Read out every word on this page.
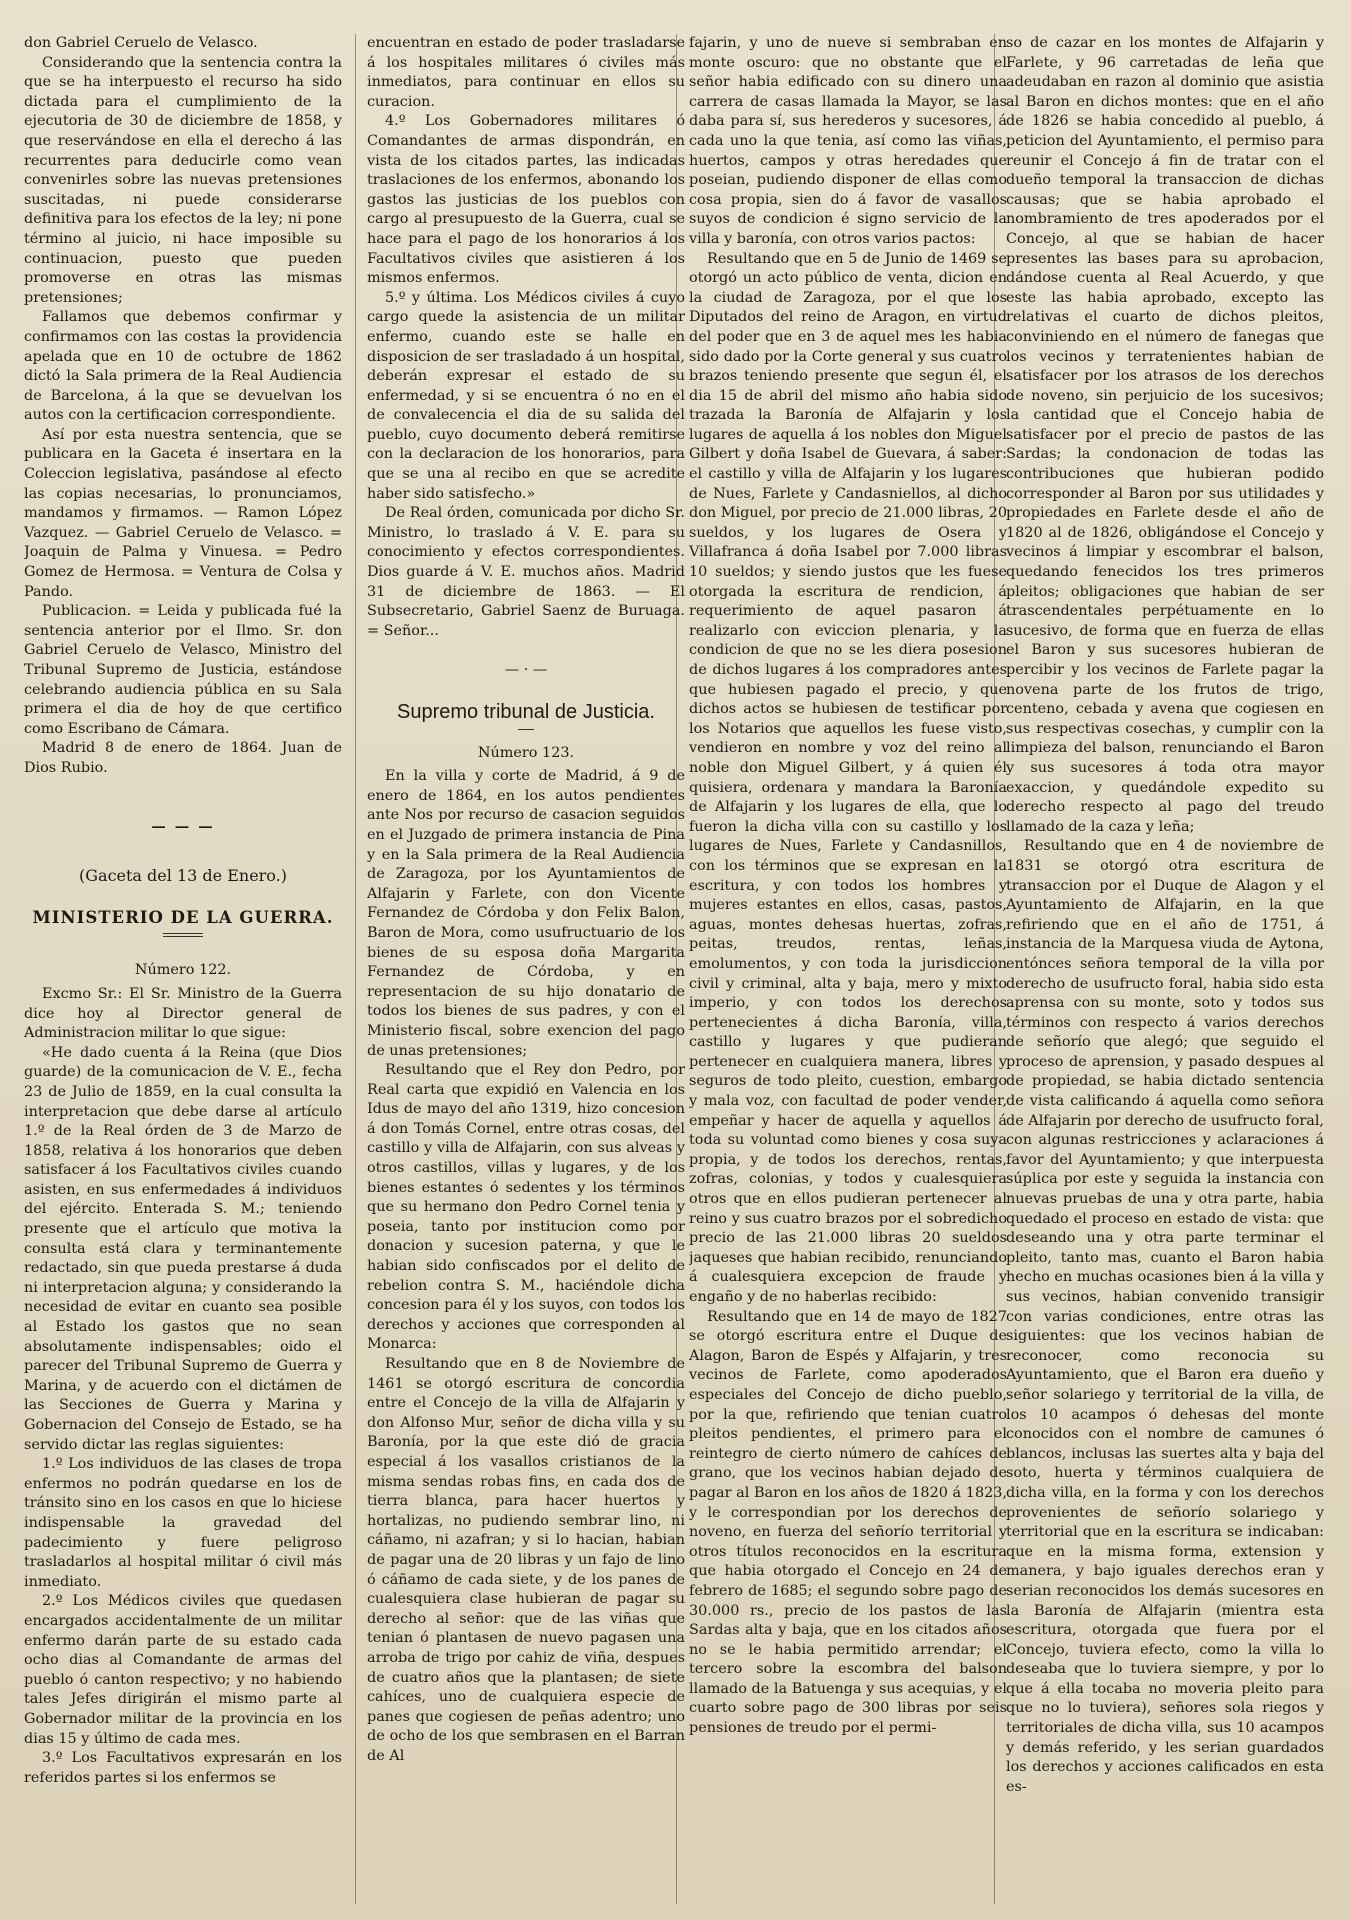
don Gabriel Ceruelo de Velasco.

Considerando que la sentencia contra la que se ha interpuesto el recurso ha sido dictada para el cumplimiento de la ejecutoria de 30 de diciembre de 1858, y que reservándose en ella el derecho á las recurrentes para deducirle como vean convenirles sobre las nuevas pretensiones suscitadas, ni puede considerarse definitiva para los efectos de la ley; ni pone término al juicio, ni hace imposible su continuacion, puesto que pueden promoverse en otras las mismas pretensiones;

Fallamos que debemos confirmar y confirmamos con las costas la providencia apelada que en 10 de octubre de 1862 dictó la Sala primera de la Real Audiencia de Barcelona, á la que se devuelvan los autos con la certificacion correspondiente.

Así por esta nuestra sentencia, que se publicara en la Gaceta é insertara en la Coleccion legislativa, pasándose al efecto las copias necesarias, lo pronunciamos, mandamos y firmamos. — Ramon López Vazquez. — Gabriel Ceruelo de Velasco. = Joaquin de Palma y Vinuesa. = Pedro Gomez de Hermosa. = Ventura de Colsa y Pando.

Publicacion. = Leida y publicada fué la sentencia anterior por el Ilmo. Sr. don Gabriel Ceruelo de Velasco, Ministro del Tribunal Supremo de Justicia, estándose celebrando audiencia pública en su Sala primera el dia de hoy de que certifico como Escribano de Cámara.

Madrid 8 de enero de 1864. Juan de Dios Rubio.

— — —
(Gaceta del 13 de Enero.)
MINISTERIO DE LA GUERRA.
Número 122.

Excmo Sr.: El Sr. Ministro de la Guerra dice hoy al Director general de Administracion militar lo que sigue:

«He dado cuenta á la Reina (que Dios guarde) de la comunicacion de V. E., fecha 23 de Julio de 1859, en la cual consulta la interpretacion que debe darse al artículo 1.º de la Real órden de 3 de Marzo de 1858, relativa á los honorarios que deben satisfacer á los Facultativos civiles cuando asisten, en sus enfermedades á individuos del ejército. Enterada S. M.; teniendo presente que el artículo que motiva la consulta está clara y terminantemente redactado, sin que pueda prestarse á duda ni interpretacion alguna; y considerando la necesidad de evitar en cuanto sea posible al Estado los gastos que no sean absolutamente indispensables; oido el parecer del Tribunal Supremo de Guerra y Marina, y de acuerdo con el dictámen de las Secciones de Guerra y Marina y Gobernacion del Consejo de Estado, se ha servido dictar las reglas siguientes:

1.º Los individuos de las clases de tropa enfermos no podrán quedarse en los de tránsito sino en los casos en que lo hiciese indispensable la gravedad del padecimiento y fuere peligroso trasladarlos al hospital militar ó civil más inmediato.

2.º Los Médicos civiles que quedasen encargados accidentalmente de un militar enfermo darán parte de su estado cada ocho dias al Comandante de armas del pueblo ó canton respectivo; y no habiendo tales Jefes dirigirán el mismo parte al Gobernador militar de la provincia en los dias 15 y último de cada mes.

3.º Los Facultativos expresarán en los referidos partes si los enfermos se

encuentran en estado de poder trasladarse á los hospitales militares ó civiles más inmediatos, para continuar en ellos su curacion.

4.º Los Gobernadores militares ó Comandantes de armas dispondrán, en vista de los citados partes, las indicadas traslaciones de los enfermos, abonando los gastos las justicias de los pueblos con cargo al presupuesto de la Guerra, cual se hace para el pago de los honorarios á los Facultativos civiles que asistieren á los mismos enfermos.

5.º y última. Los Médicos civiles á cuyo cargo quede la asistencia de un militar enfermo, cuando este se halle en disposicion de ser trasladado á un hospital, deberán expresar el estado de su enfermedad, y si se encuentra ó no en el de convalecencia el dia de su salida del pueblo, cuyo documento deberá remitirse con la declaracion de los honorarios, para que se una al recibo en que se acredite haber sido satisfecho.»

De Real órden, comunicada por dicho Sr. Ministro, lo traslado á V. E. para su conocimiento y efectos correspondientes. Dios guarde á V. E. muchos años. Madrid 31 de diciembre de 1863. — El Subsecretario, Gabriel Saenz de Buruaga. = Señor...

— · —
Supremo tribunal de Justicia.
Número 123.

En la villa y corte de Madrid, á 9 de enero de 1864, en los autos pendientes ante Nos por recurso de casacion seguidos en el Juzgado de primera instancia de Pina y en la Sala primera de la Real Audiencia de Zaragoza, por los Ayuntamientos de Alfajarin y Farlete, con don Vicente Fernandez de Córdoba y don Felix Balon, Baron de Mora, como usufructuario de los bienes de su esposa doña Margarita Fernandez de Córdoba, y en representacion de su hijo donatario de todos los bienes de sus padres, y con el Ministerio fiscal, sobre exencion del pago de unas pretensiones;

Resultando que el Rey don Pedro, por Real carta que expidió en Valencia en los Idus de mayo del año 1319, hizo concesion á don Tomás Cornel, entre otras cosas, del castillo y villa de Alfajarin, con sus alveas y otros castillos, villas y lugares, y de los bienes estantes ó sedentes y los términos que su hermano don Pedro Cornel tenia y poseia, tanto por institucion como por donacion y sucesion paterna, y que le habian sido confiscados por el delito de rebelion contra S. M., haciéndole dicha concesion para él y los suyos, con todos los derechos y acciones que corresponden al Monarca:

Resultando que en 8 de Noviembre de 1461 se otorgó escritura de concordia entre el Concejo de la villa de Alfajarin y don Alfonso Mur, señor de dicha villa y su Baronía, por la que este dió de gracia especial á los vasallos cristianos de la misma sendas robas fins, en cada dos de tierra blanca, para hacer huertos y hortalizas, no pudiendo sembrar lino, ni cáñamo, ni azafran; y si lo hacian, habian de pagar una de 20 libras y un fajo de lino ó cáñamo de cada siete, y de los panes de cualesquiera clase hubieran de pagar su derecho al señor: que de las viñas que tenian ó plantasen de nuevo pagasen una arroba de trigo por cahiz de viña, despues de cuatro años que la plantasen; de siete cahíces, uno de cualquiera especie de panes que cogiesen de peñas adentro; uno de ocho de los que sembrasen en el Barran de Al

fajarin, y uno de nueve si sembraban en monte oscuro: que no obstante que el señor habia edificado con su dinero una carrera de casas llamada la Mayor, se las daba para sí, sus herederos y sucesores, á cada uno la que tenia, así como las viñas, huertos, campos y otras heredades que poseian, pudiendo disponer de ellas como cosa propia, sien do á favor de vasallos suyos de condicion é signo servicio de la villa y baronía, con otros varios pactos:

Resultando que en 5 de Junio de 1469 se otorgó un acto público de venta, dicion en la ciudad de Zaragoza, por el que los Diputados del reino de Aragon, en virtud del poder que en 3 de aquel mes les habia sido dado por la Corte general y sus cuatro brazos teniendo presente que segun él, el dia 15 de abril del mismo año habia sido trazada la Baronía de Alfajarin y los lugares de aquella á los nobles don Miguel Gilbert y doña Isabel de Guevara, á saber: el castillo y villa de Alfajarin y los lugares de Nues, Farlete y Candasniellos, al dicho don Miguel, por precio de 21.000 libras, 20 sueldos, y los lugares de Osera y Villafranca á doña Isabel por 7.000 libras 10 sueldos; y siendo justos que les fuese otorgada la escritura de rendicion, á requerimiento de aquel pasaron á realizarlo con eviccion plenaria, y la condicion de que no se les diera posesion de dichos lugares á los compradores antes que hubiesen pagado el precio, y que dichos actos se hubiesen de testificar por los Notarios que aquellos les fuese visto, vendieron en nombre y voz del reino al noble don Miguel Gilbert, y á quien él quisiera, ordenara y mandara la Baronía de Alfajarin y los lugares de ella, que lo fueron la dicha villa con su castillo y los lugares de Nues, Farlete y Candasnillos, con los términos que se expresan en la escritura, y con todos los hombres y mujeres estantes en ellos, casas, pastos, aguas, montes dehesas huertas, zofras, peitas, treudos, rentas, leñas, emolumentos, y con toda la jurisdiccion civil y criminal, alta y baja, mero y mixto imperio, y con todos los derechos pertenecientes á dicha Baronía, villa, castillo y lugares y que pudieran pertenecer en cualquiera manera, libres y seguros de todo pleito, cuestion, embargo y mala voz, con facultad de poder vender, empeñar y hacer de aquella y aquellos á toda su voluntad como bienes y cosa suya propia, y de todos los derechos, rentas, zofras, colonias, y todos y cualesquiera otros que en ellos pudieran pertenecer al reino y sus cuatro brazos por el sobredicho precio de las 21.000 libras 20 sueldos jaqueses que habian recibido, renunciando á cualesquiera excepcion de fraude y engaño y de no haberlas recibido:

Resultando que en 14 de mayo de 1827 se otorgó escritura entre el Duque de Alagon, Baron de Espés y Alfajarin, y tres vecinos de Farlete, como apoderados especiales del Concejo de dicho pueblo, por la que, refiriendo que tenian cuatro pleitos pendientes, el primero para el reintegro de cierto número de cahíces de grano, que los vecinos habian dejado de pagar al Baron en los años de 1820 á 1823, y le correspondian por los derechos de noveno, en fuerza del señorío territorial y otros títulos reconocidos en la escritura que habia otorgado el Concejo en 24 de febrero de 1685; el segundo sobre pago de 30.000 rs., precio de los pastos de las Sardas alta y baja, que en los citados años no se le habia permitido arrendar; el tercero sobre la escombra del balson llamado de la Batuenga y sus acequias, y el cuarto sobre pago de 300 libras por seis pensiones de treudo por el permi-

so de cazar en los montes de Alfajarin y Farlete, y 96 carretadas de leña que adeudaban en razon al dominio que asistia al Baron en dichos montes: que en el año de 1826 se habia concedido al pueblo, á peticion del Ayuntamiento, el permiso para reunir el Concejo á fin de tratar con el dueño temporal la transaccion de dichas causas; que se habia aprobado el nombramiento de tres apoderados por el Concejo, al que se habian de hacer presentes las bases para su aprobacion, dándose cuenta al Real Acuerdo, y que este las habia aprobado, excepto las relativas el cuarto de dichos pleitos, conviniendo en el número de fanegas que los vecinos y terratenientes habian de satisfacer por los atrasos de los derechos de noveno, sin perjuicio de los sucesivos; la cantidad que el Concejo habia de satisfacer por el precio de pastos de las Sardas; la condonacion de todas las contribuciones que hubieran podido corresponder al Baron por sus utilidades y propiedades en Farlete desde el año de 1820 al de 1826, obligándose el Concejo y vecinos á limpiar y escombrar el balson, quedando fenecidos los tres primeros pleitos; obligaciones que habian de ser trascendentales perpétuamente en lo sucesivo, de forma que en fuerza de ellas el Baron y sus sucesores hubieran de percibir y los vecinos de Farlete pagar la novena parte de los frutos de trigo, centeno, cebada y avena que cogiesen en sus respectivas cosechas, y cumplir con la limpieza del balson, renunciando el Baron y sus sucesores á toda otra mayor exaccion, y quedándole expedito su derecho respecto al pago del treudo llamado de la caza y leña;

Resultando que en 4 de noviembre de 1831 se otorgó otra escritura de transaccion por el Duque de Alagon y el Ayuntamiento de Alfajarin, en la que refiriendo que en el año de 1751, á instancia de la Marquesa viuda de Aytona, entónces señora temporal de la villa por derecho de usufructo foral, habia sido esta aprensa con su monte, soto y todos sus términos con respecto á varios derechos de señorío que alegó; que seguido el proceso de aprension, y pasado despues al de propiedad, se habia dictado sentencia de vista calificando á aquella como señora de Alfajarin por derecho de usufructo foral, con algunas restricciones y aclaraciones á favor del Ayuntamiento; y que interpuesta súplica por este y seguida la instancia con nuevas pruebas de una y otra parte, habia quedado el proceso en estado de vista: que deseando una y otra parte terminar el pleito, tanto mas, cuanto el Baron habia hecho en muchas ocasiones bien á la villa y sus vecinos, habian convenido transigir con varias condiciones, entre otras las siguientes: que los vecinos habian de reconocer, como reconocia su Ayuntamiento, que el Baron era dueño y señor solariego y territorial de la villa, de los 10 acampos ó dehesas del monte conocidos con el nombre de camunes ó blancos, inclusas las suertes alta y baja del soto, huerta y términos cualquiera de dicha villa, en la forma y con los derechos provenientes de señorío solariego y territorial que en la escritura se indicaban: que en la misma forma, extension y manera, y bajo iguales derechos eran y serian reconocidos los demás sucesores en la Baronía de Alfajarin (mientra esta escritura, otorgada que fuera por el Concejo, tuviera efecto, como la villa lo deseaba que lo tuviera siempre, y por lo que á ella tocaba no moveria pleito para que no lo tuviera), señores sola riegos y territoriales de dicha villa, sus 10 acampos y demás referido, y les serian guardados los derechos y acciones calificados en esta es-
